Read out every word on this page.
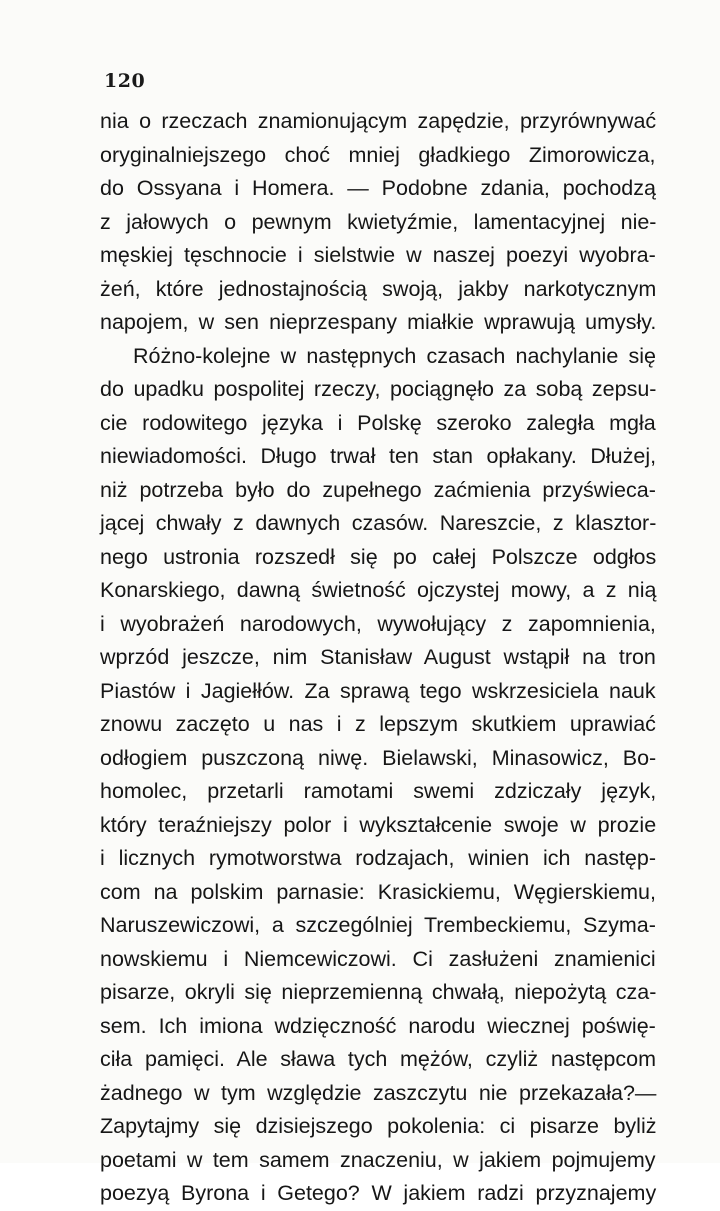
120
nia o rzeczach znamionującym zapędzie, przyrównywać
oryginalniejszego choć mniej gładkiego Zimorowicza,
do Ossyana i Homera. — Podobne zdania, pochodzą
z jałowych o pewnym kwietyźmie, lamentacyjnej nie-
męskiej tęschnocie i sielstwie w naszej poezyi wyobra-
żeń, które jednostajnością swoją, jakby narkotycznym
napojem, w sen nieprzespany miałkie wprawują umysły.
Różno-kolejne w następnych czasach nachylanie się
do upadku pospolitej rzeczy, pociągnęło za sobą zepsu-
cie rodowitego języka i Polskę szeroko zaległa mgła
niewiadomości. Długo trwał ten stan opłakany. Dłużej,
niż potrzeba było do zupełnego zaćmienia przyświeca-
jącej chwały z dawnych czasów. Nareszcie, z klasztor-
nego ustronia rozszedł się po całej Polszcze odgłos
Konarskiego, dawną świetność ojczystej mowy, a z nią
i wyobrażeń narodowych, wywołujący z zapomnienia,
wprzód jeszcze, nim Stanisław August wstąpił na tron
Piastów i Jagiełłów. Za sprawą tego wskrzesiciela nauk
znowu zaczęto u nas i z lepszym skutkiem uprawiać
odłogiem puszczoną niwę. Bielawski, Minasowicz, Bo-
homolec, przetarli ramotami swemi zdziczały język,
który teraźniejszy polor i wykształcenie swoje w prozie
i licznych rymotworstwa rodzajach, winien ich następ-
com na polskim parnasie: Krasickiemu, Węgierskiemu,
Naruszewiczowi, a szczególniej Trembeckiemu, Szyma-
nowskiemu i Niemcewiczowi. Ci zasłużeni znamienici
pisarze, okryli się nieprzemienną chwałą, niepożytą cza-
sem. Ich imiona wdzięczność narodu wiecznej poświę-
ciła pamięci. Ale sława tych mężów, czyliż następcom
żadnego w tym względzie zaszczytu nie przekazała?—
Zapytajmy się dzisiejszego pokolenia: ci pisarze byliż
poetami w tem samem znaczeniu, w jakiem pojmujemy
poezyą Byrona i Getego? W jakiem radzi przyznajemy
